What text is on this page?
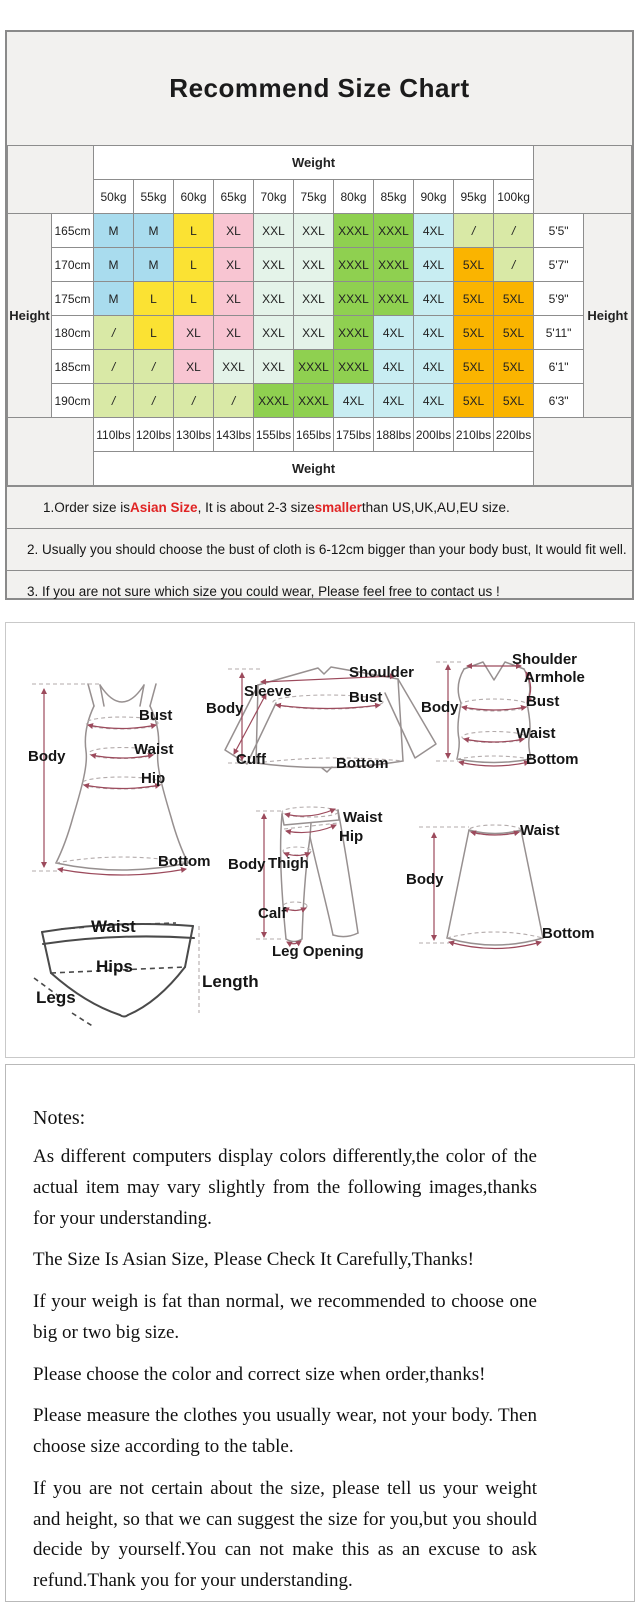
Recommend Size Chart
		Weight												
		50kg	55kg	60kg	65kg	70kg	75kg	80kg	85kg	90kg	95kg	100kg		
Height	165cm	M	M	L	XL	XXL	XXL	XXXL	XXXL	4XL	/	/	5'5"	Height
	170cm	M	M	L	XL	XXL	XXL	XXXL	XXXL	4XL	5XL	/	5'7"	
	175cm	M	L	L	XL	XXL	XXL	XXXL	XXXL	4XL	5XL	5XL	5'9"	
	180cm	/	L	XL	XL	XXL	XXL	XXXL	4XL	4XL	5XL	5XL	5'11"	
	185cm	/	/	XL	XXL	XXL	XXXL	XXXL	4XL	4XL	5XL	5XL	6'1"	
	190cm	/	/	/	/	XXXL	XXXL	4XL	4XL	4XL	5XL	5XL	6'3"	
		110lbs	120lbs	130lbs	143lbs	155lbs	165lbs	175lbs	188lbs	200lbs	210lbs	220lbs		
		Weight												
1.Order size is Asian Size , It is about 2-3 size smaller than US,UK,AU,EU size.
2. Usually you should choose the bust of cloth is 6-12cm bigger than your body bust, It would fit well.
3. If you are not sure which size you could wear, Please feel free to contact us !
Body
Bust
Waist
Hip
Bottom
Sleeve
Body
Cuff
Shoulder
Bust
Bottom
Shoulder
Armhole
Body	Bust
Waist
Bottom
Waist
Hip
Body Thigh
Calf
Leg Opening
Waist
Hips
Legs
Length
Waist
Body
Bottom
Notes:

As different computers display colors differently,the color of the actual item may vary slightly from the following images,thanks for your understanding.

The Size Is Asian Size, Please Check It Carefully,Thanks!

If your weigh is fat than normal, we recommended to choose one big or two big size.

Please choose the color and correct size when order,thanks!

Please measure the clothes you usually wear, not your body. Then choose size according to the table.

If you are not certain about the size, please tell us your weight and height, so that we can suggest the size for you,but you should decide by yourself.You can not make this as an excuse to ask refund.Thank you for your understanding.
